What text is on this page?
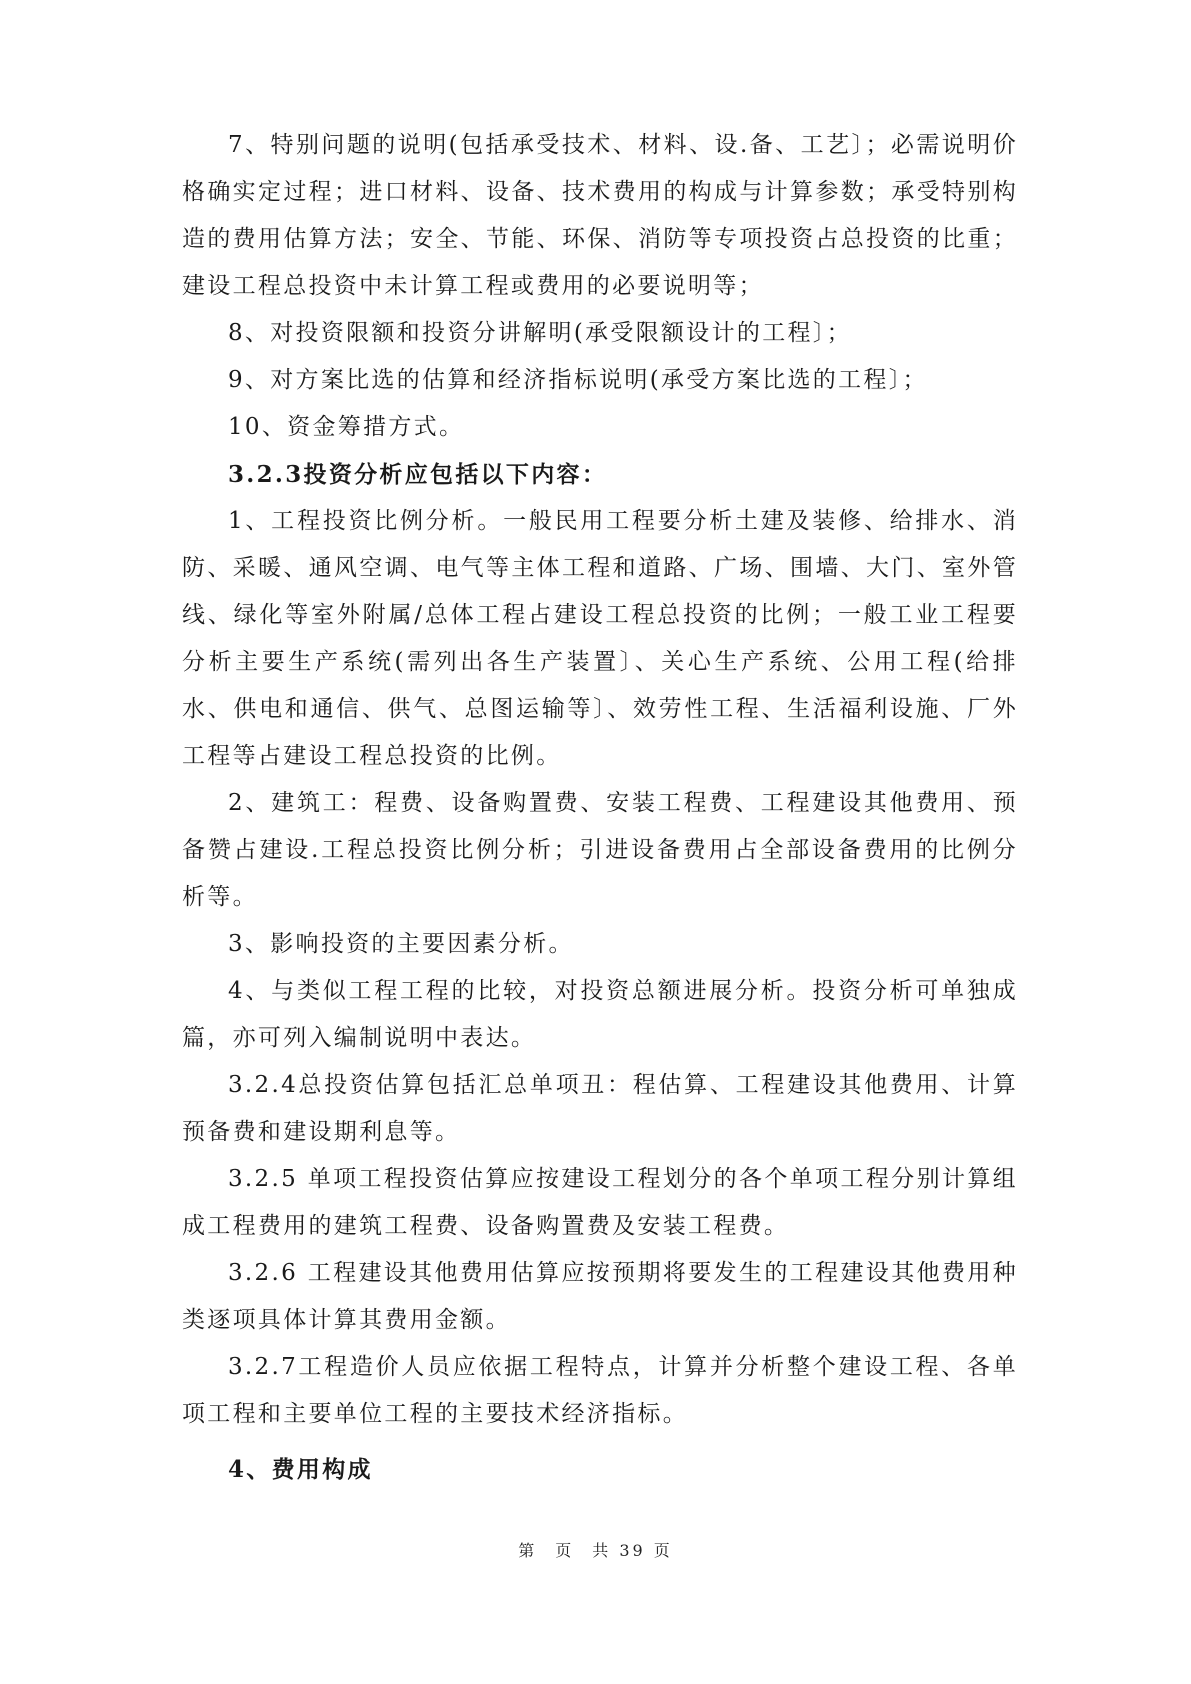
7、特别问题的说明(包括承受技术、材料、设.备、工艺〕；必需说明价格确实定过程；进口材料、设备、技术费用的构成与计算参数；承受特别构造的费用估算方法；安全、节能、环保、消防等专项投资占总投资的比重；建设工程总投资中未计算工程或费用的必要说明等；

8、对投资限额和投资分讲解明(承受限额设计的工程〕；

9、对方案比选的估算和经济指标说明(承受方案比选的工程〕；

10、资金筹措方式。

3.2.3投资分析应包括以下内容：

1、工程投资比例分析。一般民用工程要分析土建及装修、给排水、消防、采暖、通风空调、电气等主体工程和道路、广场、围墙、大门、室外管线、绿化等室外附属/总体工程占建设工程总投资的比例；一般工业工程要分析主要生产系统(需列出各生产装置〕、关心生产系统、公用工程(给排水、供电和通信、供气、总图运输等〕、效劳性工程、生活福利设施、厂外工程等占建设工程总投资的比例。

2、建筑工：程费、设备购置费、安装工程费、工程建设其他费用、预备赞占建设.工程总投资比例分析；引进设备费用占全部设备费用的比例分析等。

3、影响投资的主要因素分析。

4、与类似工程工程的比较，对投资总额进展分析。投资分析可单独成篇，亦可列入编制说明中表达。

3.2.4总投资估算包括汇总单项丑：程估算、工程建设其他费用、计算预备费和建设期利息等。

3.2.5 单项工程投资估算应按建设工程划分的各个单项工程分别计算组成工程费用的建筑工程费、设备购置费及安装工程费。

3.2.6 工程建设其他费用估算应按预期将要发生的工程建设其他费用种类逐项具体计算其费用金额。

3.2.7工程造价人员应依据工程特点，计算并分析整个建设工程、各单项工程和主要单位工程的主要技术经济指标。

4、费用构成

第 页 共 39 页
